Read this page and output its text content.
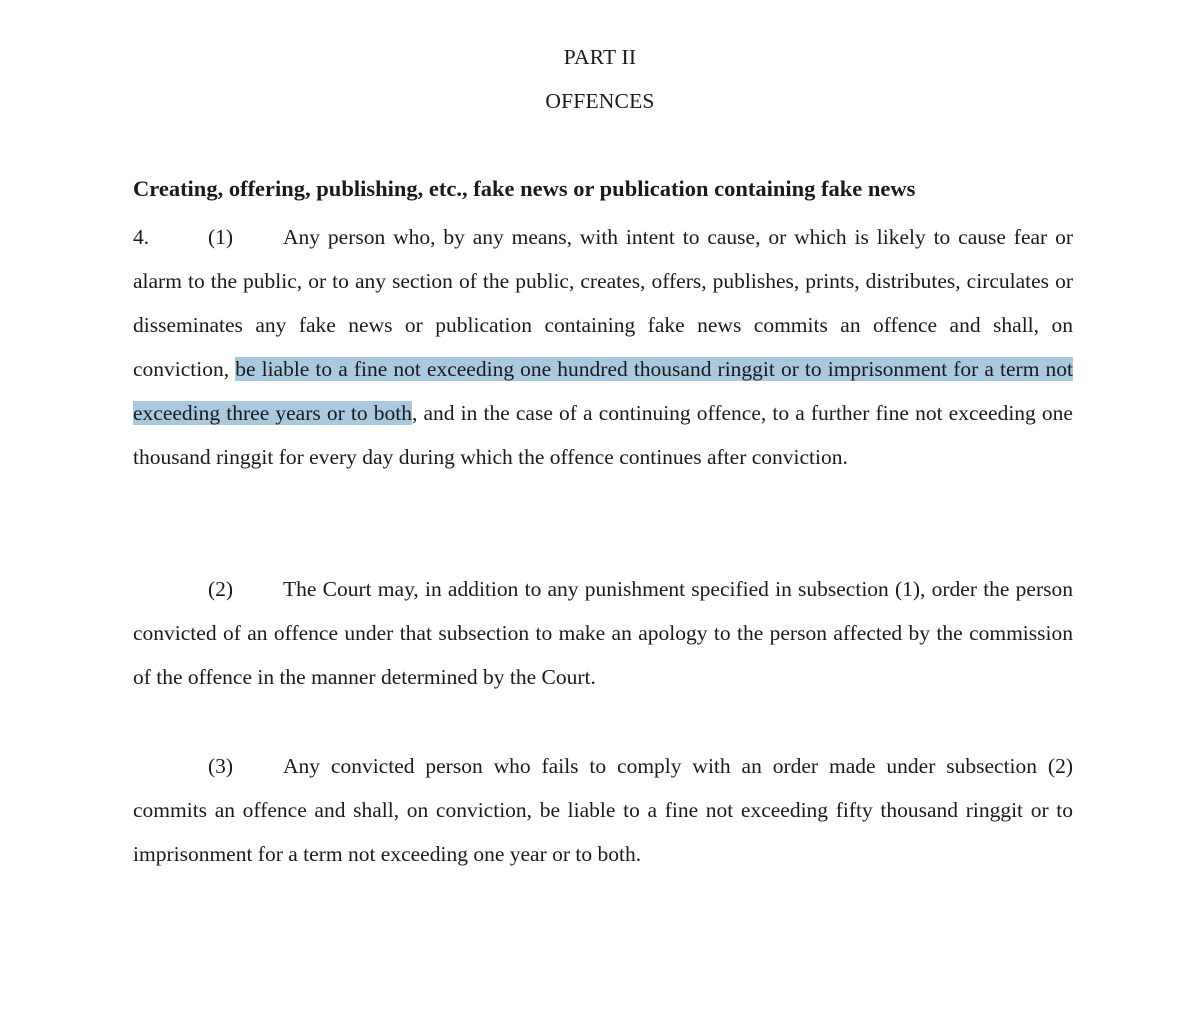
PART II
OFFENCES
Creating, offering, publishing, etc., fake news or publication containing fake news
4.	(1) Any person who, by any means, with intent to cause, or which is likely to cause fear or alarm to the public, or to any section of the public, creates, offers, publishes, prints, distributes, circulates or disseminates any fake news or publication containing fake news commits an offence and shall, on conviction, be liable to a fine not exceeding one hundred thousand ringgit or to imprisonment for a term not exceeding three years or to both, and in the case of a continuing offence, to a further fine not exceeding one thousand ringgit for every day during which the offence continues after conviction.
(2) The Court may, in addition to any punishment specified in subsection (1), order the person convicted of an offence under that subsection to make an apology to the person affected by the commission of the offence in the manner determined by the Court.
(3) Any convicted person who fails to comply with an order made under subsection (2) commits an offence and shall, on conviction, be liable to a fine not exceeding fifty thousand ringgit or to imprisonment for a term not exceeding one year or to both.
